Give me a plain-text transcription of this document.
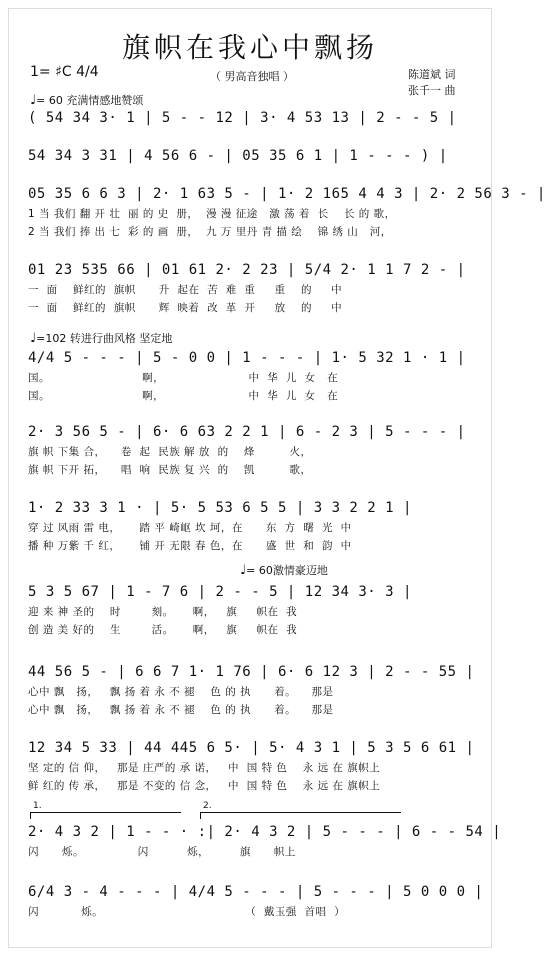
旗帜在我心中飘扬
1= ♯C 4/4	（ 男高音独唱 ）	陈道斌 词
张千一 曲
♩= 60 充满情感地赞颂
( 54 34 3· 1 | 5 - - 12 | 3· 4 53 13 | 2 - - 5 |
54 34 3 31 | 4 56 6 - | 05 35 6 1 | 1 - - - ) |
05 35 6 6 3 | 2· 1 63 5 - | 1· 2 165 4 4 3 | 2· 2 56 3 - |
1 当 我们 翻 开 壮  丽 的 史  册，  漫 漫 征途   激 荡 着  长    长 的 歌，
2 当 我们 捧 出 七  彩 的 画  册，  九 万 里丹 青 描 绘    锦 绣 山   河，
01 23 535 66 | 01 61 2· 2 23 | 5/4 2· 1 1 7 2 - |
一  面    鲜红的  旗帜      升  起在  苦  难  重     重    的     中
一  面    鲜红的  旗帜      辉  映着  改  革  开     放    的     中
♩=102 转进行曲风格 坚定地
4/4 5 - - - | 5 - 0 0 | 1 - - - | 1· 5 32 1 · 1 |
国。                        啊，                      中  华  儿  女   在
国。                        啊，                      中  华  儿  女   在
2· 3 56 5 - | 6· 6 63 2 2 1 | 6 - 2 3 | 5 - - - |
旗 帜 下集 合，    卷  起  民族 解 放  的    烽         火，
旗 帜 下开 拓，    唱  响  民族 复 兴  的    凯         歌，
1· 2 33 3 1 · | 5· 5 53 6 5 5 | 3 3 2 2 1 |
穿 过 风雨 雷 电，     踏 平 崎岖 坎 坷，在      东  方  曙  光  中
播 种 万紫 千 红，     铺 开 无限 春 色，在      盛  世  和  韵  中
♩= 60激情豪迈地
5 3 5 67 | 1 - 7 6 | 2 - - 5 | 12 34 3· 3 |
迎 来 神 圣的    时        刻。     啊，   旗     帜在  我
创 造 美 好的    生        活。     啊，   旗     帜在  我
44 56 5 - | 6 6 7 1· 1 76 | 6· 6 12 3 | 2 - - 55 |
心中 飘   扬，   飘 扬 着 永 不 褪    色 的 执      着。    那是
心中 飘   扬，   飘 扬 着 永 不 褪    色 的 执      着。    那是
12 34 5 33 | 44 445 6 5· | 5· 4 3 1 | 5 3 5 6 61 |
坚 定的 信 仰，   那是 庄严的 承 诺，   中  国 特 色    永 远 在 旗帜上
鲜 红的 传 承，   那是 不变的 信 念，   中  国 特 色    永 远 在 旗帜上
1.	2.
2· 4 3 2 | 1 - - · :| 2· 4 3 2 | 5 - - - | 6 - - 54 |
闪      烁。              闪          烁，        旗      帜上
6/4 3 - 4 - - - | 4/4 5 - - - | 5 - - - | 5 0 0 0 |
闪           烁。                                     （  戴玉强  首唱  ）
